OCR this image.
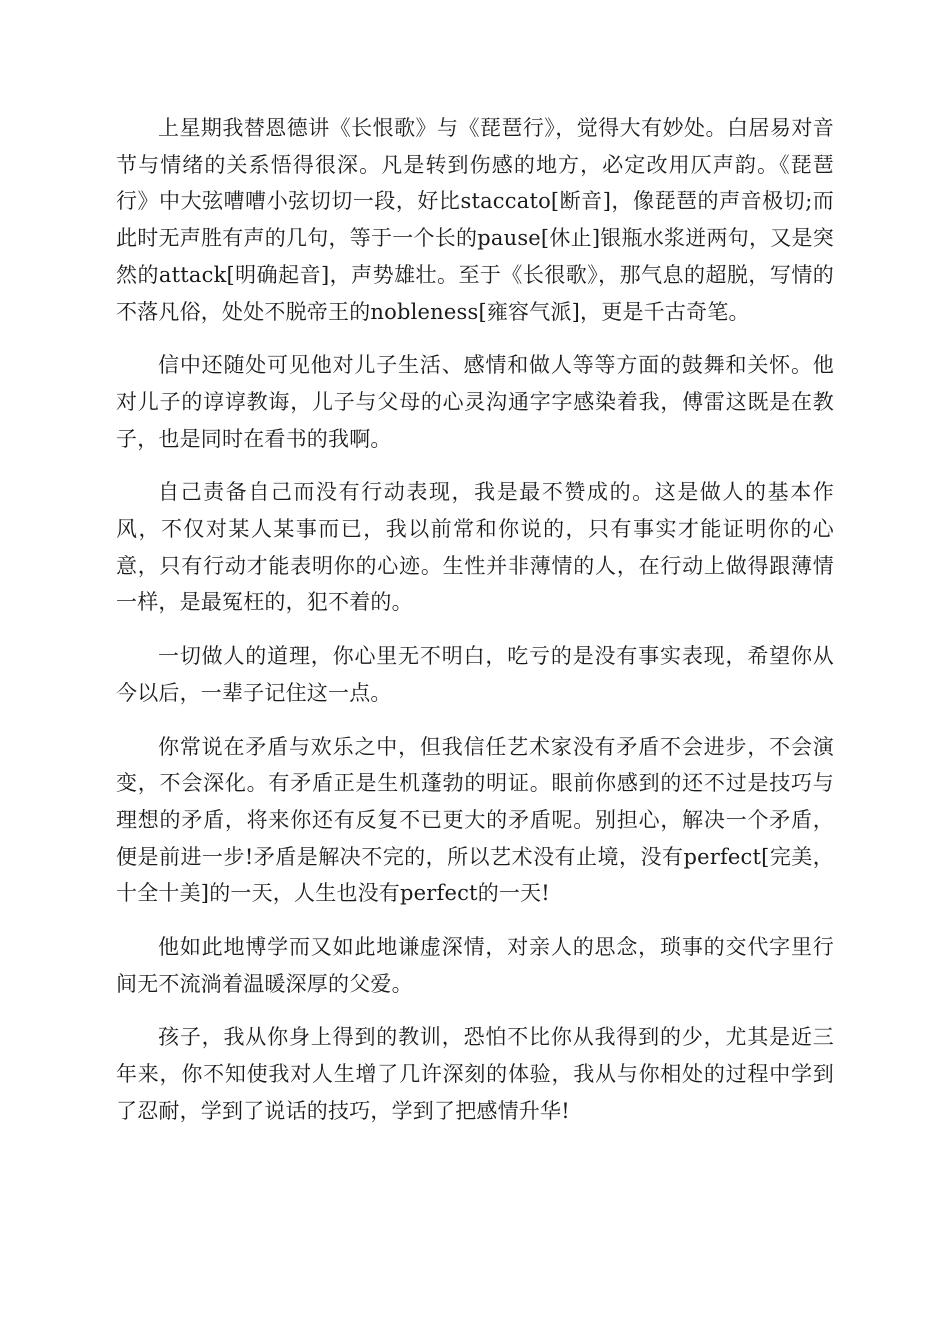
上星期我替恩德讲《长恨歌》与《琵琶行》，觉得大有妙处。白居易对音节与情绪的关系悟得很深。凡是转到伤感的地方，必定改用仄声韵。《琵琶行》中大弦嘈嘈小弦切切一段，好比staccato[断音]，像琵琶的声音极切;而此时无声胜有声的几句，等于一个长的pause[休止]银瓶水浆迸两句，又是突然的attack[明确起音]，声势雄壮。至于《长很歌》，那气息的超脱，写情的不落凡俗，处处不脱帝王的nobleness[雍容气派]，更是千古奇笔。

信中还随处可见他对儿子生活、感情和做人等等方面的鼓舞和关怀。他对儿子的谆谆教诲，儿子与父母的心灵沟通字字感染着我，傅雷这既是在教子，也是同时在看书的我啊。

自己责备自己而没有行动表现，我是最不赞成的。这是做人的基本作风，不仅对某人某事而已，我以前常和你说的，只有事实才能证明你的心意，只有行动才能表明你的心迹。生性并非薄情的人，在行动上做得跟薄情一样，是最冤枉的，犯不着的。

一切做人的道理，你心里无不明白，吃亏的是没有事实表现，希望你从今以后，一辈子记住这一点。

你常说在矛盾与欢乐之中，但我信任艺术家没有矛盾不会进步，不会演变，不会深化。有矛盾正是生机蓬勃的明证。眼前你感到的还不过是技巧与理想的矛盾，将来你还有反复不已更大的矛盾呢。别担心，解决一个矛盾，便是前进一步!矛盾是解决不完的，所以艺术没有止境，没有perfect[完美，十全十美]的一天，人生也没有perfect的一天!

他如此地博学而又如此地谦虚深情，对亲人的思念，琐事的交代字里行间无不流淌着温暖深厚的父爱。

孩子，我从你身上得到的教训，恐怕不比你从我得到的少，尤其是近三年来，你不知使我对人生增了几许深刻的体验，我从与你相处的过程中学到了忍耐，学到了说话的技巧，学到了把感情升华!
